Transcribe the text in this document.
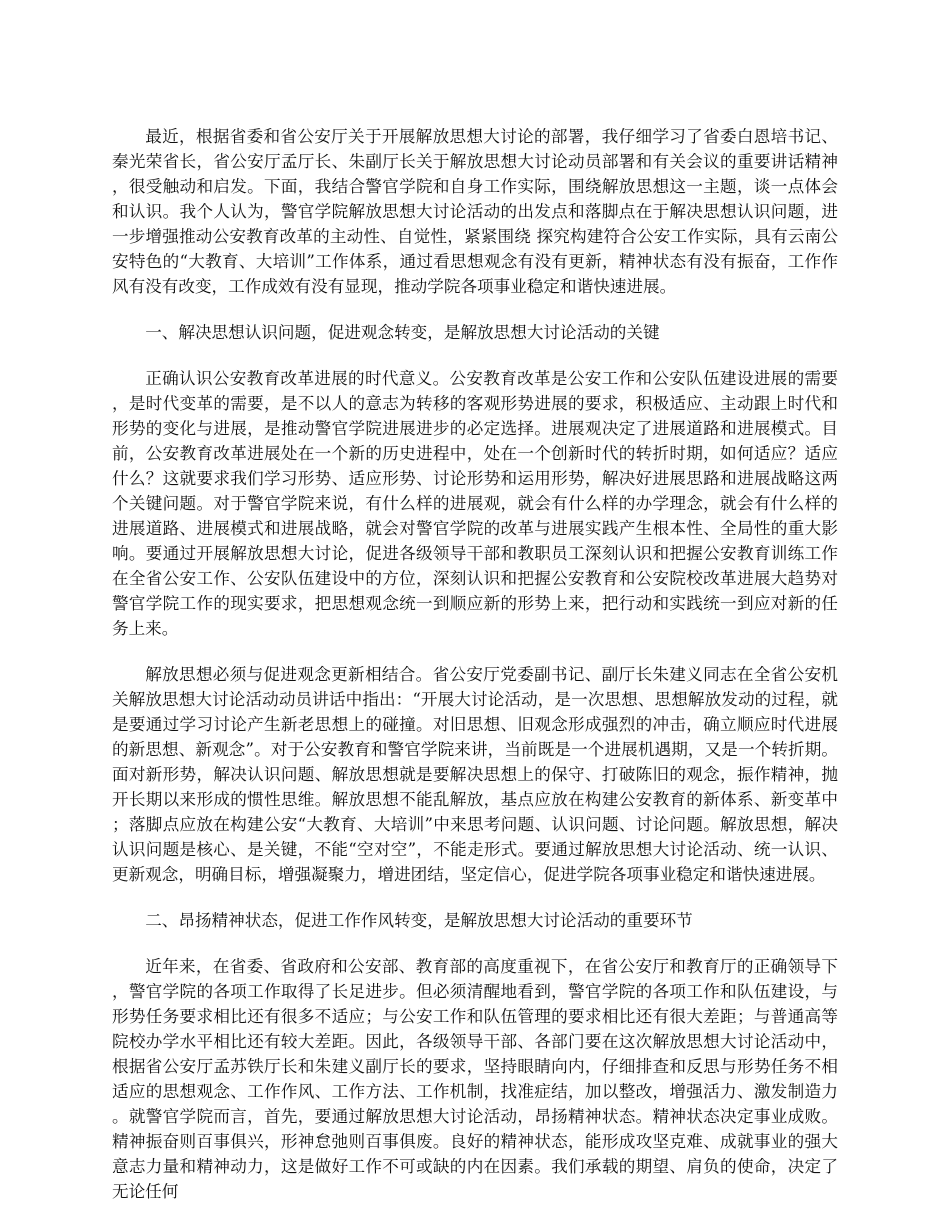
最近，根据省委和省公安厅关于开展解放思想大讨论的部署，我仔细学习了省委白恩培书记、秦光荣省长，省公安厅孟厅长、朱副厅长关于解放思想大讨论动员部署和有关会议的重要讲话精神，很受触动和启发。下面，我结合警官学院和自身工作实际，围绕解放思想这一主题，谈一点体会和认识。我个人认为，警官学院解放思想大讨论活动的出发点和落脚点在于解决思想认识问题，进一步增强推动公安教育改革的主动性、自觉性，紧紧围绕 探究构建符合公安工作实际，具有云南公安特色的“大教育、大培训”工作体系，通过看思想观念有没有更新，精神状态有没有振奋，工作作风有没有改变，工作成效有没有显现，推动学院各项事业稳定和谐快速进展。

一、解决思想认识问题，促进观念转变，是解放思想大讨论活动的关键

正确认识公安教育改革进展的时代意义。公安教育改革是公安工作和公安队伍建设进展的需要，是时代变革的需要，是不以人的意志为转移的客观形势进展的要求，积极适应、主动跟上时代和形势的变化与进展，是推动警官学院进展进步的必定选择。进展观决定了进展道路和进展模式。目前，公安教育改革进展处在一个新的历史进程中，处在一个创新时代的转折时期，如何适应？适应什么？这就要求我们学习形势、适应形势、讨论形势和运用形势，解决好进展思路和进展战略这两个关键问题。对于警官学院来说，有什么样的进展观，就会有什么样的办学理念，就会有什么样的进展道路、进展模式和进展战略，就会对警官学院的改革与进展实践产生根本性、全局性的重大影响。要通过开展解放思想大讨论，促进各级领导干部和教职员工深刻认识和把握公安教育训练工作在全省公安工作、公安队伍建设中的方位，深刻认识和把握公安教育和公安院校改革进展大趋势对警官学院工作的现实要求，把思想观念统一到顺应新的形势上来，把行动和实践统一到应对新的任务上来。

解放思想必须与促进观念更新相结合。省公安厅党委副书记、副厅长朱建义同志在全省公安机关解放思想大讨论活动动员讲话中指出：“开展大讨论活动，是一次思想、思想解放发动的过程，就是要通过学习讨论产生新老思想上的碰撞。对旧思想、旧观念形成强烈的冲击，确立顺应时代进展的新思想、新观念”。对于公安教育和警官学院来讲，当前既是一个进展机遇期，又是一个转折期。面对新形势，解决认识问题、解放思想就是要解决思想上的保守、打破陈旧的观念，振作精神，抛开长期以来形成的惯性思维。解放思想不能乱解放，基点应放在构建公安教育的新体系、新变革中；落脚点应放在构建公安“大教育、大培训”中来思考问题、认识问题、讨论问题。解放思想，解决认识问题是核心、是关键，不能“空对空”，不能走形式。要通过解放思想大讨论活动、统一认识、更新观念，明确目标，增强凝聚力，增进团结，坚定信心，促进学院各项事业稳定和谐快速进展。

二、昂扬精神状态，促进工作作风转变，是解放思想大讨论活动的重要环节

近年来，在省委、省政府和公安部、教育部的高度重视下，在省公安厅和教育厅的正确领导下，警官学院的各项工作取得了长足进步。但必须清醒地看到，警官学院的各项工作和队伍建设，与形势任务要求相比还有很多不适应；与公安工作和队伍管理的要求相比还有很大差距；与普通高等院校办学水平相比还有较大差距。因此，各级领导干部、各部门要在这次解放思想大讨论活动中，根据省公安厅孟苏铁厅长和朱建义副厅长的要求，坚持眼睛向内，仔细排查和反思与形势任务不相适应的思想观念、工作作风、工作方法、工作机制，找准症结，加以整改，增强活力、激发制造力。就警官学院而言，首先，要通过解放思想大讨论活动，昂扬精神状态。精神状态决定事业成败。精神振奋则百事俱兴，形神怠弛则百事俱废。良好的精神状态，能形成攻坚克难、成就事业的强大意志力量和精神动力，这是做好工作不可或缺的内在因素。我们承载的期望、肩负的使命，决定了无论任何
